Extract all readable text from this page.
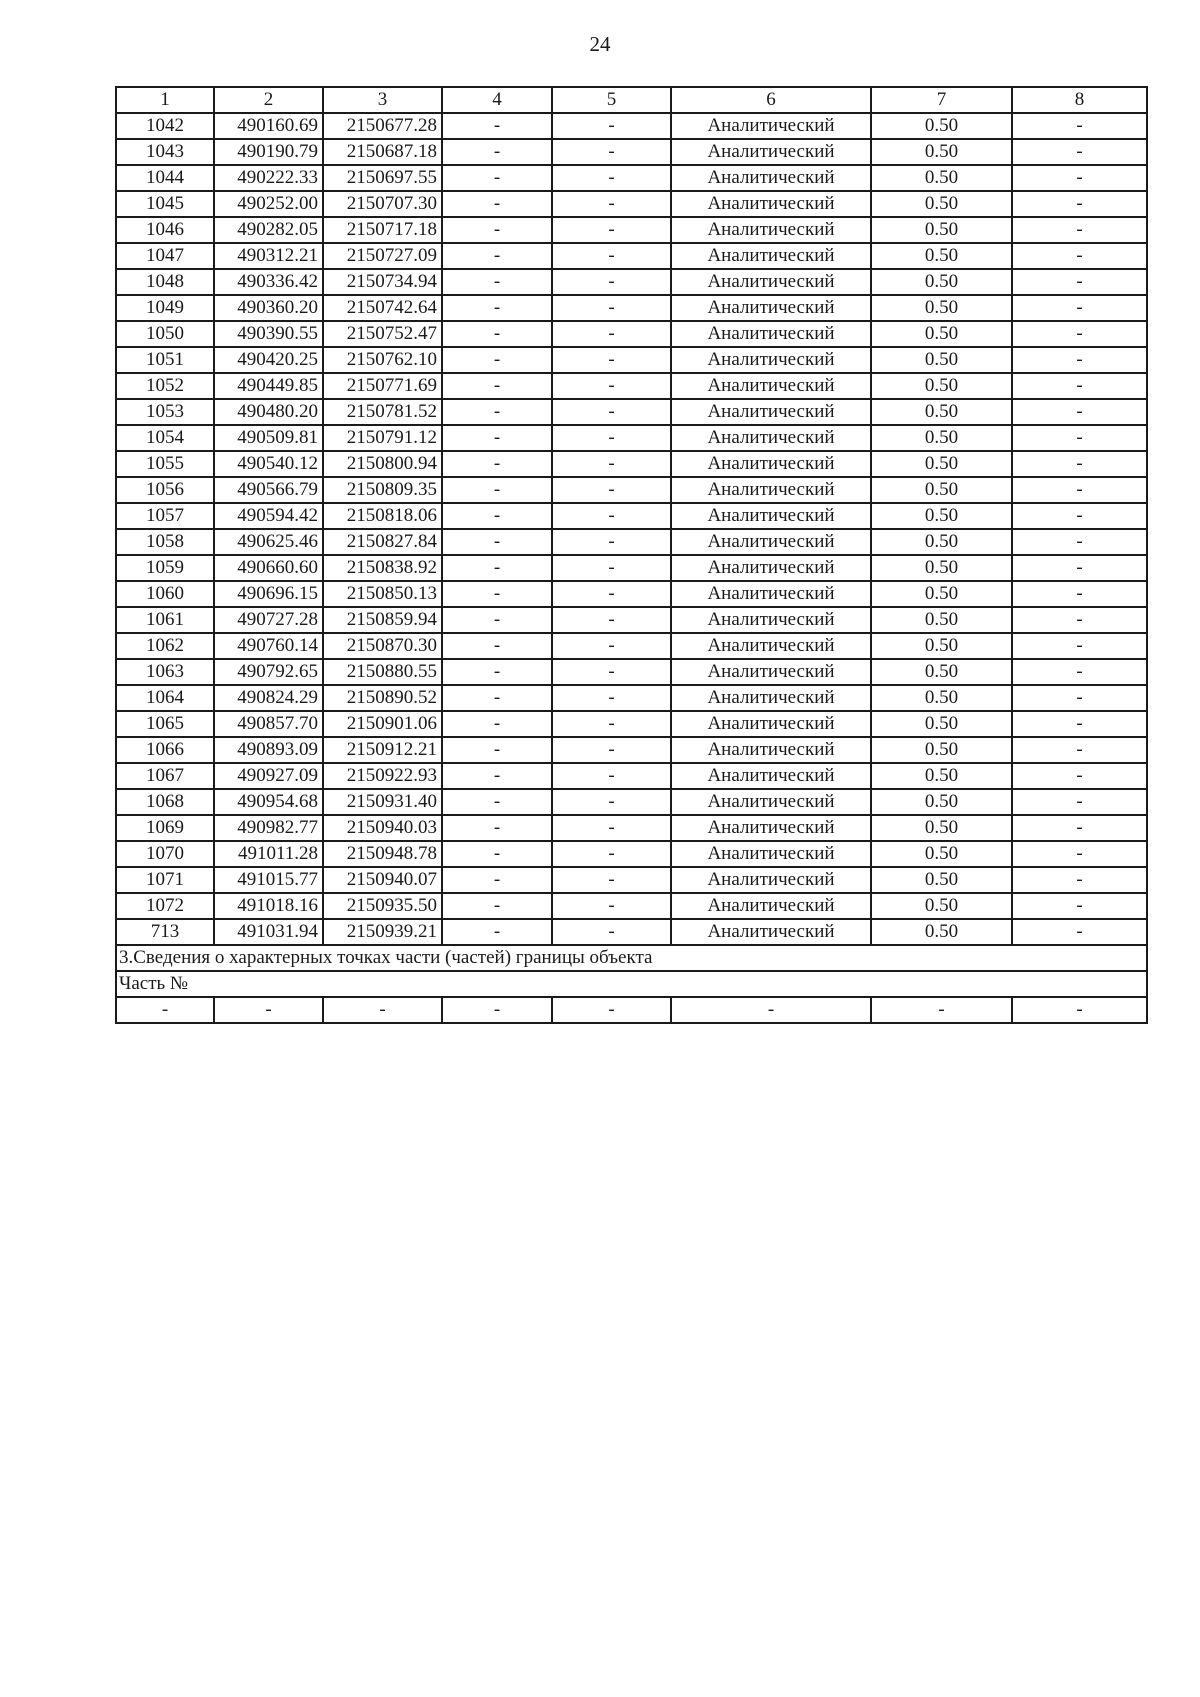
24
1	2	3	4	5	6	7	8
1042	490160.69	2150677.28	-	-	Аналитический	0.50	-
1043	490190.79	2150687.18	-	-	Аналитический	0.50	-
1044	490222.33	2150697.55	-	-	Аналитический	0.50	-
1045	490252.00	2150707.30	-	-	Аналитический	0.50	-
1046	490282.05	2150717.18	-	-	Аналитический	0.50	-
1047	490312.21	2150727.09	-	-	Аналитический	0.50	-
1048	490336.42	2150734.94	-	-	Аналитический	0.50	-
1049	490360.20	2150742.64	-	-	Аналитический	0.50	-
1050	490390.55	2150752.47	-	-	Аналитический	0.50	-
1051	490420.25	2150762.10	-	-	Аналитический	0.50	-
1052	490449.85	2150771.69	-	-	Аналитический	0.50	-
1053	490480.20	2150781.52	-	-	Аналитический	0.50	-
1054	490509.81	2150791.12	-	-	Аналитический	0.50	-
1055	490540.12	2150800.94	-	-	Аналитический	0.50	-
1056	490566.79	2150809.35	-	-	Аналитический	0.50	-
1057	490594.42	2150818.06	-	-	Аналитический	0.50	-
1058	490625.46	2150827.84	-	-	Аналитический	0.50	-
1059	490660.60	2150838.92	-	-	Аналитический	0.50	-
1060	490696.15	2150850.13	-	-	Аналитический	0.50	-
1061	490727.28	2150859.94	-	-	Аналитический	0.50	-
1062	490760.14	2150870.30	-	-	Аналитический	0.50	-
1063	490792.65	2150880.55	-	-	Аналитический	0.50	-
1064	490824.29	2150890.52	-	-	Аналитический	0.50	-
1065	490857.70	2150901.06	-	-	Аналитический	0.50	-
1066	490893.09	2150912.21	-	-	Аналитический	0.50	-
1067	490927.09	2150922.93	-	-	Аналитический	0.50	-
1068	490954.68	2150931.40	-	-	Аналитический	0.50	-
1069	490982.77	2150940.03	-	-	Аналитический	0.50	-
1070	491011.28	2150948.78	-	-	Аналитический	0.50	-
1071	491015.77	2150940.07	-	-	Аналитический	0.50	-
1072	491018.16	2150935.50	-	-	Аналитический	0.50	-
713	491031.94	2150939.21	-	-	Аналитический	0.50	-
3.Сведения о характерных точках части (частей) границы объекта							
Часть №							
-	-	-	-	-	-	-	-
